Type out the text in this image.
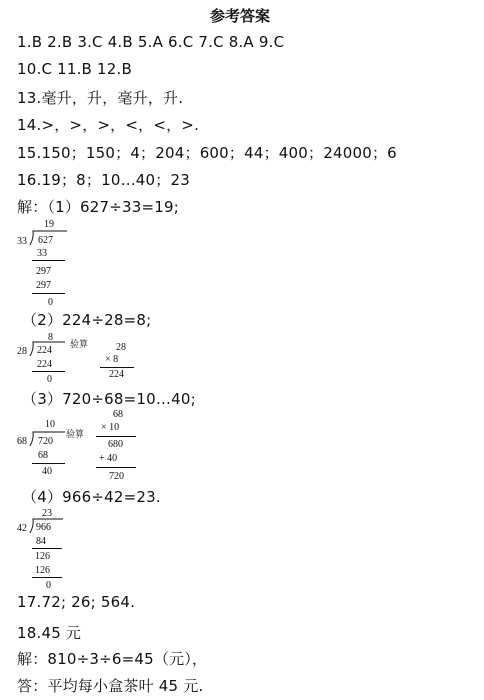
参考答案
1.B 2.B 3.C 4.B 5.A 6.C 7.C 8.A 9.C
10.C 11.B 12.B
13.毫升，升，毫升，升.
14.>，>，>，<，<，>.
15.150；150；4；204；600；44；400；24000；6
16.19；8；10…40；23
解：（1）627÷33=19;
19
33 627
33
297
297
0
（2）224÷28=8;
8
28 224
224
0
验算	28
× 8
224
（3）720÷68=10…40;
10
68 720
68
40
验算
68
× 10
680
+ 40
720
（4）966÷42=23.
23
42 966
84
126
126
0
17.72; 26; 564.
18.45 元
解：810÷3÷6=45（元），
答：平均每小盒茶叶 45 元.
